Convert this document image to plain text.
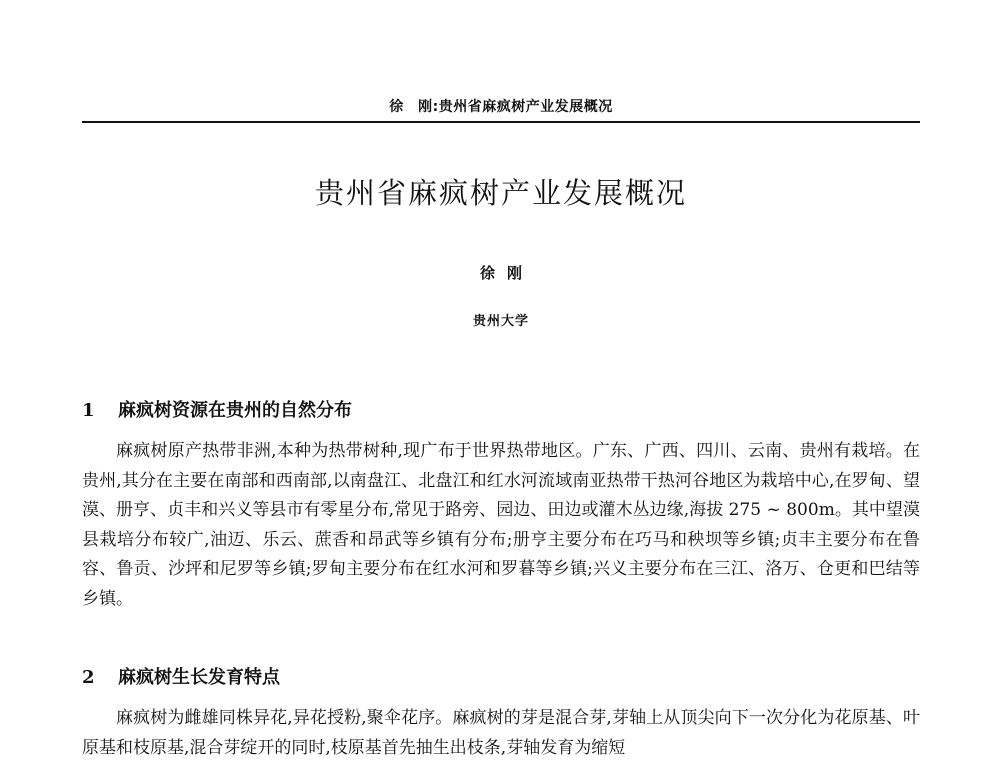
徐　刚:贵州省麻疯树产业发展概况
贵州省麻疯树产业发展概况
徐刚
贵州大学
1 麻疯树资源在贵州的自然分布

麻疯树原产热带非洲,本种为热带树种,现广布于世界热带地区。广东、广西、四川、云南、贵州有栽培。在贵州,其分在主要在南部和西南部,以南盘江、北盘江和红水河流域南亚热带干热河谷地区为栽培中心,在罗甸、望漠、册亨、贞丰和兴义等县市有零星分布,常见于路旁、园边、田边或灌木丛边缘,海拔 275 ~ 800m。其中望漠县栽培分布较广,油迈、乐云、蔗香和昂武等乡镇有分布;册亨主要分布在巧马和秧坝等乡镇;贞丰主要分布在鲁容、鲁贡、沙坪和尼罗等乡镇;罗甸主要分布在红水河和罗暮等乡镇;兴义主要分布在三江、洛万、仓更和巴结等乡镇。

2 麻疯树生长发育特点

麻疯树为雌雄同株异花,异花授粉,聚伞花序。麻疯树的芽是混合芽,芽轴上从顶尖向下一次分化为花原基、叶原基和枝原基,混合芽绽开的同时,枝原基首先抽生出枝条,芽轴发育为缩短
